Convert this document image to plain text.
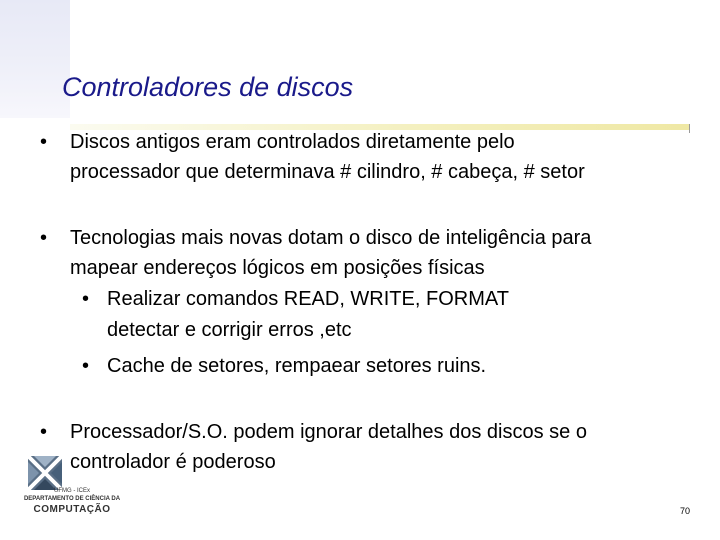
Controladores de discos
• Discos antigos eram controlados diretamente pelo
processador que determinava # cilindro, # cabeça, # setor
• Tecnologias mais novas dotam o disco de inteligência para
mapear endereços lógicos em posições físicas
• Realizar comandos READ, WRITE, FORMAT
detectar e corrigir erros ,etc
• Cache de setores, rempaear setores ruins.
• Processador/S.O. podem ignorar detalhes dos discos se o
controlador é poderoso
UFMG - ICEx
DEPARTAMENTO DE CIÊNCIA DA
COMPUTAÇÃO	70
